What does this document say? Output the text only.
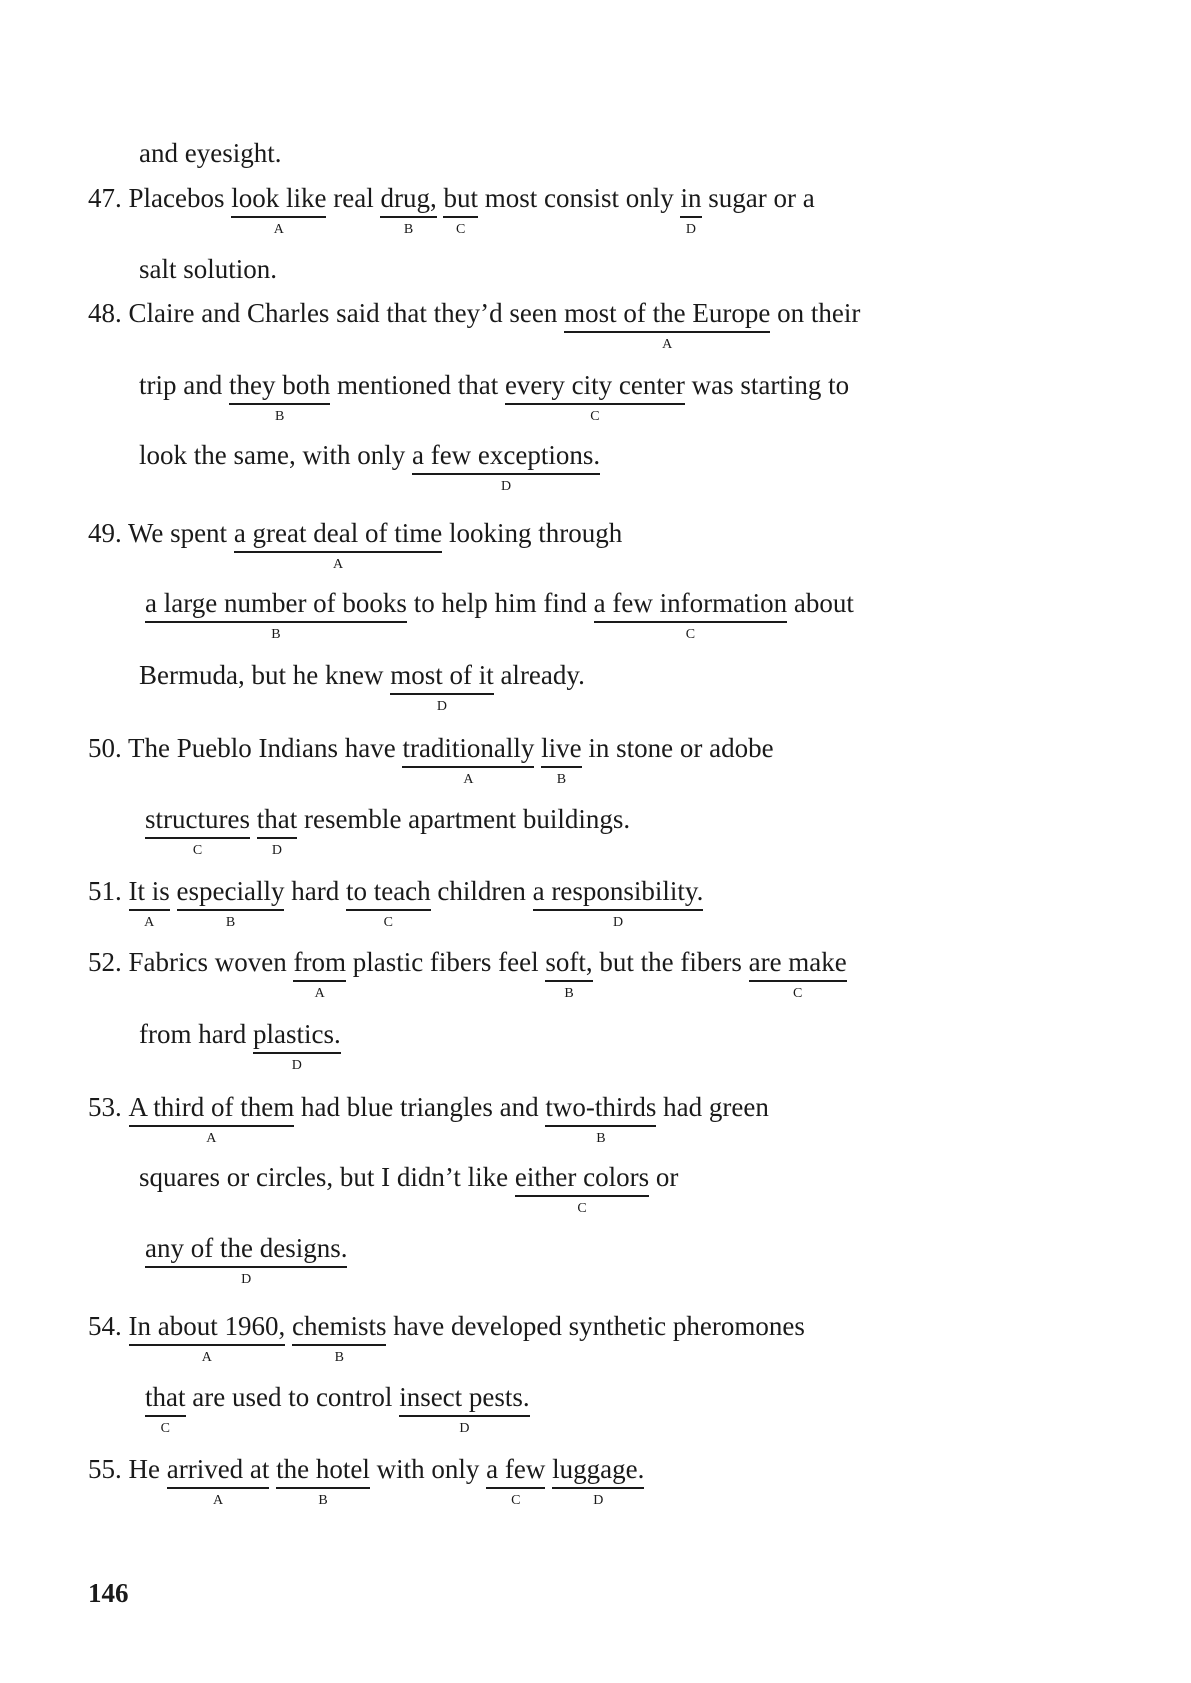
and eyesight.
47. Placebos look like
A
real drug,
B
but
C
most consist only in
D
sugar or a
salt solution.
48. Claire and Charles said that they’d seen most of the Europe
A
on their
trip and they both
B
mentioned that every city center
C
was starting to
look the same, with only a few exceptions.
D
49. We spent a great deal of time
A
looking through
a large number of books
B
to help him find a few information
C
about
Bermuda, but he knew most of it
D
already.
50. The Pueblo Indians have traditionally
A
live
B
in stone or adobe
structures
C
that
D
resemble apartment buildings.
51. It is
A
especially
B
hard to teach
C
children a responsibility.
D
52. Fabrics woven from
A
plastic fibers feel soft,
B
but the fibers are make
C
from hard plastics.
D
53. A third of them
A
had blue triangles and two-thirds
B
had green
squares or circles, but I didn’t like either colors
C
or
any of the designs.
D
54. In about 1960,
A
chemists
B
have developed synthetic pheromones
that
C
are used to control insect pests.
D
55. He arrived at
A
the hotel
B
with only a few
C
luggage.
D
146
